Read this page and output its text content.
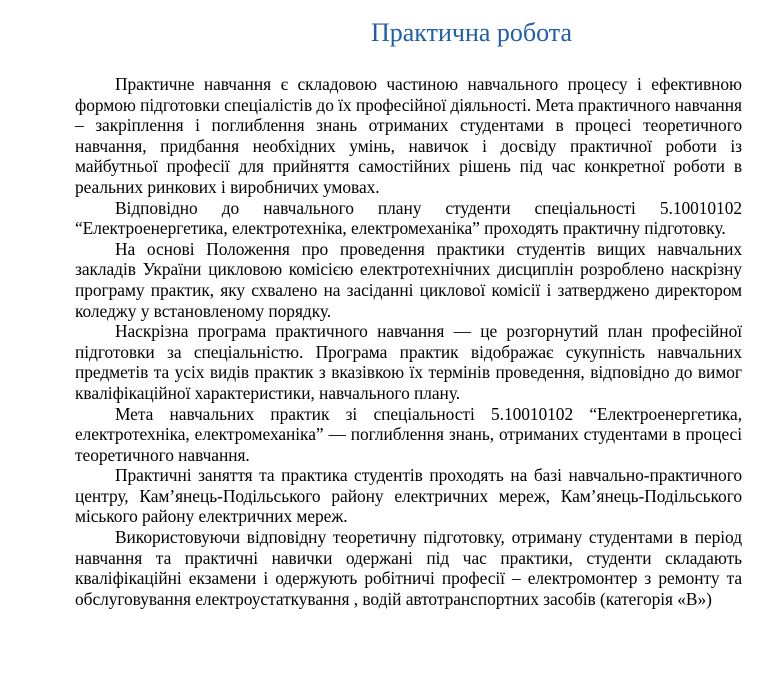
Практична робота

Практичне навчання є складовою частиною навчального процесу і ефективною формою підготовки спеціалістів до їх професійної діяльності. Мета практичного навчання – закріплення і поглиблення знань отриманих студентами в процесі теоретичного навчання, придбання необхідних умінь, навичок і досвіду практичної роботи із майбутньої професії для прийняття самостійних рішень під час конкретної роботи в реальних ринкових і виробничих умовах.

Відповідно до навчального плану студенти спеціальності 5.10010102 “Електроенергетика, електротехніка, електромеханіка” проходять практичну підготовку.

На основі Положення про проведення практики студентів вищих навчальних закладів України цикловою комісією електротехнічних дисциплін розроблено наскрізну програму практик, яку схвалено на засіданні циклової комісії і затверджено директором коледжу у встановленому порядку.

Наскрізна програма практичного навчання — це розгорнутий план професійної підготовки за спеціальністю. Програма практик відображає сукупність навчальних предметів та усіх видів практик з вказівкою їх термінів проведення, відповідно до вимог кваліфікаційної характеристики, навчального плану.

Мета навчальних практик зі спеціальності 5.10010102 “Електроенергетика, електротехніка, електромеханіка” — поглиблення знань, отриманих студентами в процесі теоретичного навчання.

Практичні заняття та практика студентів проходять на базі навчально-практичного центру, Кам’янець-Подільського району електричних мереж, Кам’янець-Подільського міського району електричних мереж.

Використовуючи відповідну теоретичну підготовку, отриману студентами в період навчання та практичні навички одержані під час практики, студенти складають кваліфікаційні екзамени і одержують робітничі професії – електромонтер з ремонту та обслуговування електроустаткування , водій автотранспортних засобів (категорія «В»)
